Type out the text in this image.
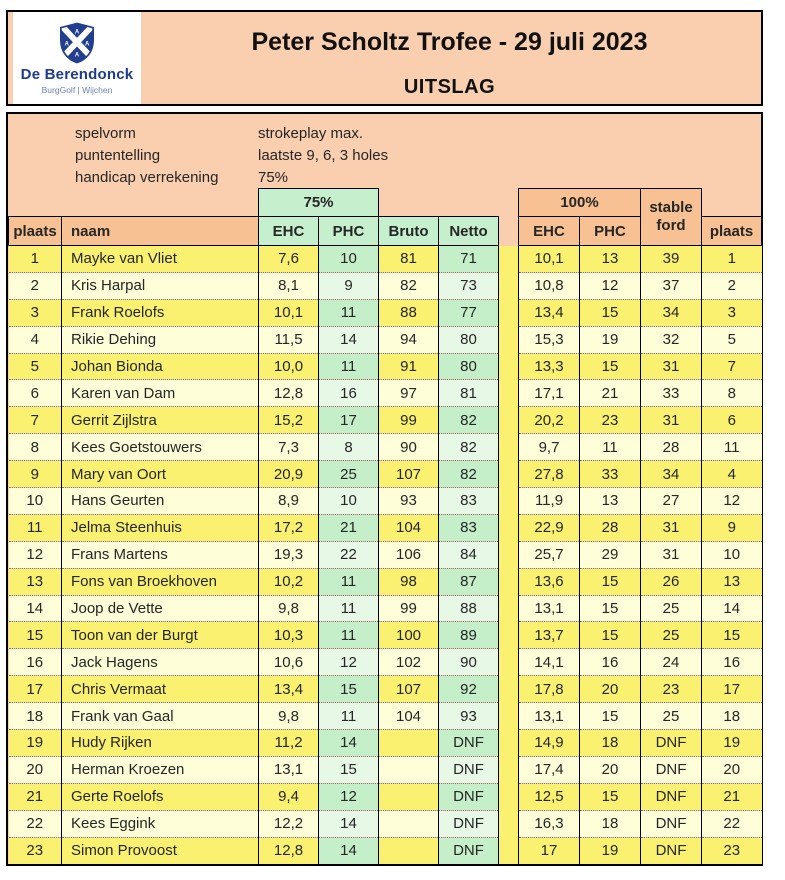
A
A A
A
De Berendonck
BurgGolf | Wijchen
Peter Scholtz Trofee - 29 juli 2023
UITSLAG
spelvorm	strokeplay max.
puntentelling	laatste 9, 6, 3 holes
handicap verrekening	75%
		75%					100%		stable
ford	

plaats	naam	EHC	PHC	Bruto	Netto		EHC	PHC		plaats
1	Mayke van Vliet	7,6	10	81	71		10,1	13	39	1
2	Kris Harpal	8,1	9	82	73		10,8	12	37	2
3	Frank Roelofs	10,1	11	88	77		13,4	15	34	3
4	Rikie Dehing	11,5	14	94	80		15,3	19	32	5
5	Johan Bionda	10,0	11	91	80		13,3	15	31	7
6	Karen van Dam	12,8	16	97	81		17,1	21	33	8
7	Gerrit Zijlstra	15,2	17	99	82		20,2	23	31	6
8	Kees Goetstouwers	7,3	8	90	82		9,7	11	28	11
9	Mary van Oort	20,9	25	107	82		27,8	33	34	4
10	Hans Geurten	8,9	10	93	83		11,9	13	27	12
11	Jelma Steenhuis	17,2	21	104	83		22,9	28	31	9
12	Frans Martens	19,3	22	106	84		25,7	29	31	10
13	Fons van Broekhoven	10,2	11	98	87		13,6	15	26	13
14	Joop de Vette	9,8	11	99	88		13,1	15	25	14
15	Toon van der Burgt	10,3	11	100	89		13,7	15	25	15
16	Jack Hagens	10,6	12	102	90		14,1	16	24	16
17	Chris Vermaat	13,4	15	107	92		17,8	20	23	17
18	Frank van Gaal	9,8	11	104	93		13,1	15	25	18
19	Hudy Rijken	11,2	14		DNF		14,9	18	DNF	19
20	Herman Kroezen	13,1	15		DNF		17,4	20	DNF	20
21	Gerte Roelofs	9,4	12		DNF		12,5	15	DNF	21
22	Kees Eggink	12,2	14		DNF		16,3	18	DNF	22
23	Simon Provoost	12,8	14		DNF		17	19	DNF	23
